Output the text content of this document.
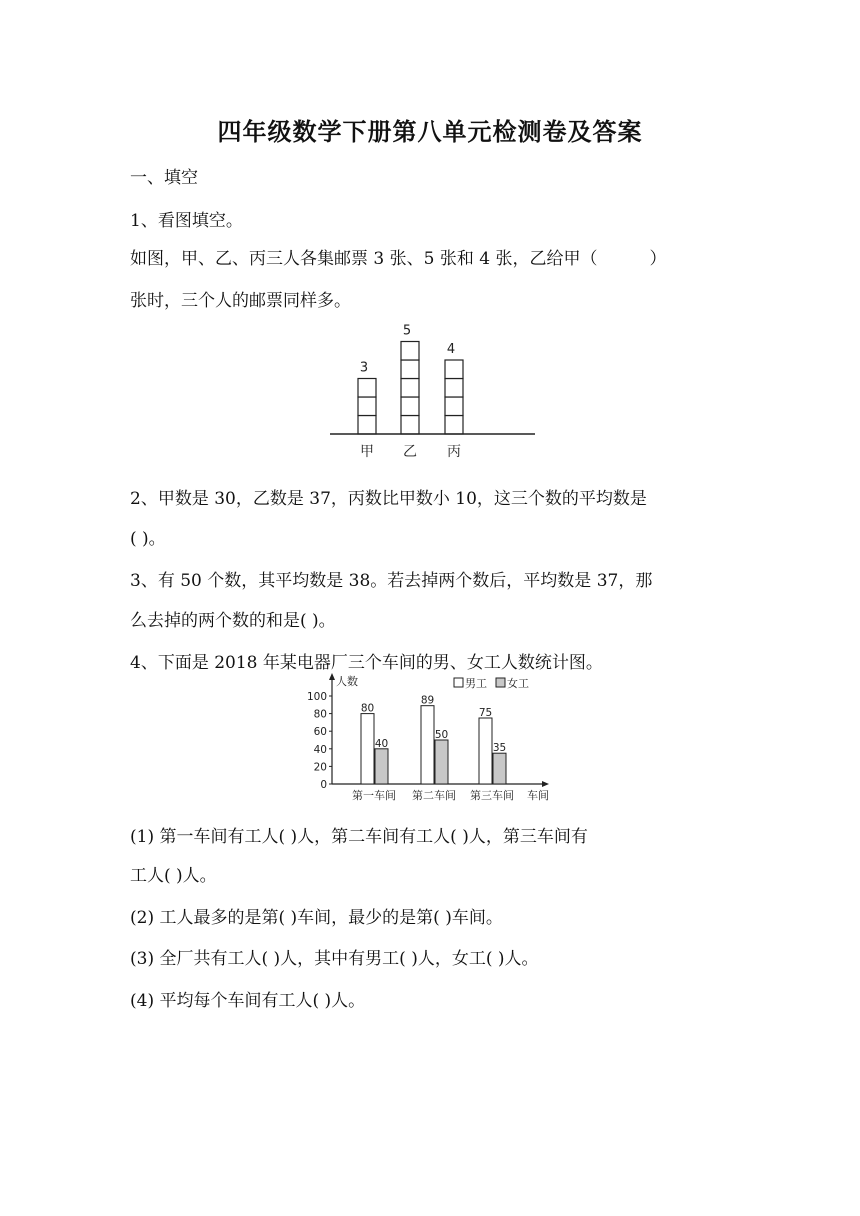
四年级数学下册第八单元检测卷及答案
一、填空
1、看图填空。
如图，甲、乙、丙三人各集邮票 3 张、5 张和 4 张，乙给甲（	）
张时，三个人的邮票同样多。
3
甲
5
乙
4
丙
2、甲数是 30，乙数是 37，丙数比甲数小 10，这三个数的平均数是
( )。
3、有 50 个数，其平均数是 38。若去掉两个数后，平均数是 37，那
么去掉的两个数的和是( )。
4、下面是 2018 年某电器厂三个车间的男、女工人数统计图。
人数
0
20
40
60
80
100
男工 女工
80
40
第一车间
89
50
第二车间
75
35
第三车间 车间
(1) 第一车间有工人( )人，第二车间有工人( )人，第三车间有
工人( )人。
(2) 工人最多的是第( )车间，最少的是第( )车间。
(3) 全厂共有工人( )人，其中有男工( )人，女工( )人。
(4) 平均每个车间有工人( )人。
